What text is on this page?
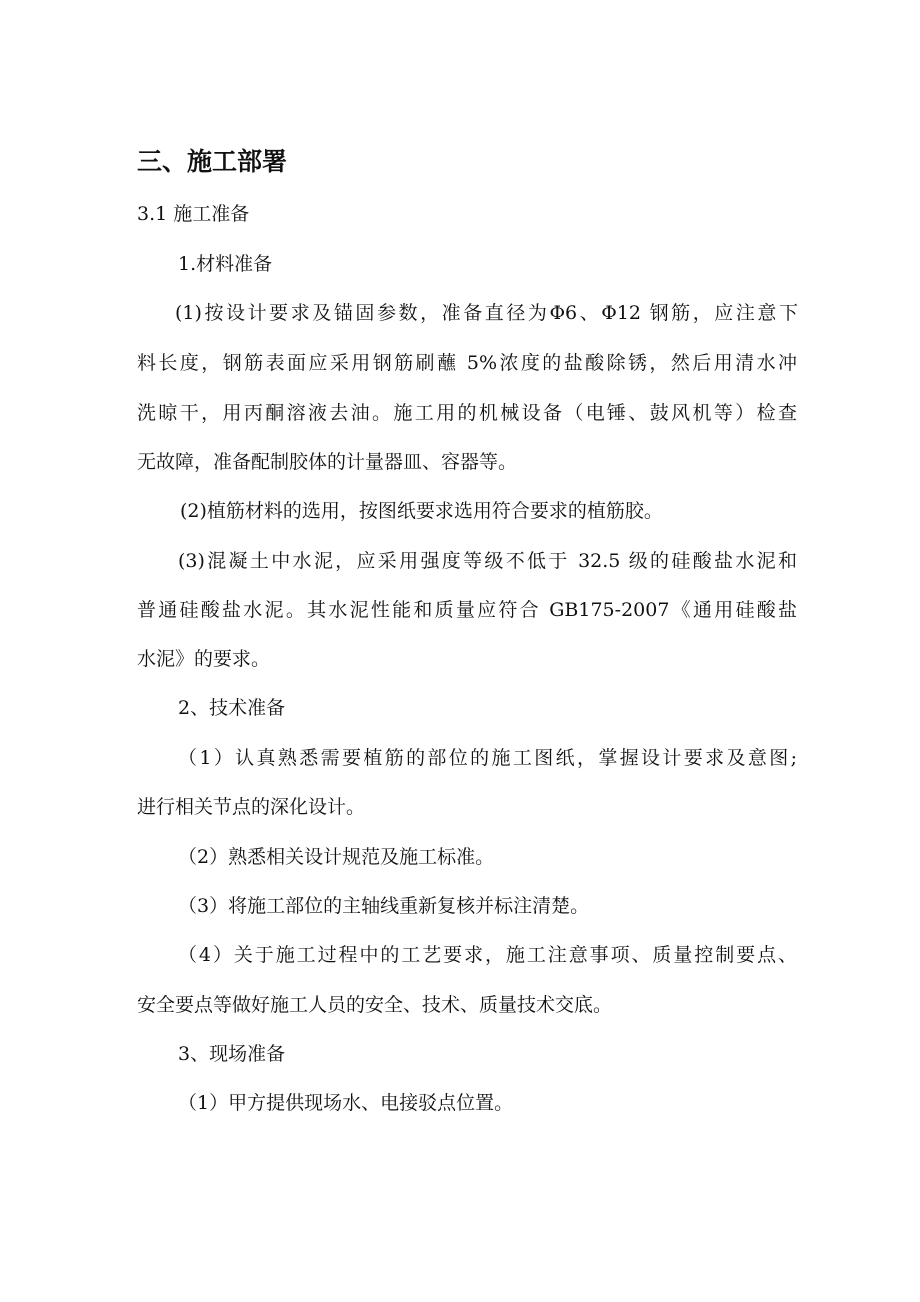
三、施工部署
3.1 施工准备
1.材料准备
(1)按设计要求及锚固参数，准备直径为Φ6、Φ12 钢筋，应注意下
料长度，钢筋表面应采用钢筋刷蘸 5%浓度的盐酸除锈，然后用清水冲
洗晾干，用丙酮溶液去油。施工用的机械设备（电锤、鼓风机等）检查
无故障，准备配制胶体的计量器皿、容器等。
(2)植筋材料的选用，按图纸要求选用符合要求的植筋胶。
(3)混凝土中水泥，应采用强度等级不低于 32.5 级的硅酸盐水泥和
普通硅酸盐水泥。其水泥性能和质量应符合 GB175-2007《通用硅酸盐
水泥》的要求。
2、技术准备
（1）认真熟悉需要植筋的部位的施工图纸，掌握设计要求及意图;
进行相关节点的深化设计。
（2）熟悉相关设计规范及施工标准。
（3）将施工部位的主轴线重新复核并标注清楚。
（4）关于施工过程中的工艺要求，施工注意事项、质量控制要点、
安全要点等做好施工人员的安全、技术、质量技术交底。
3、现场准备
（1）甲方提供现场水、电接驳点位置。
